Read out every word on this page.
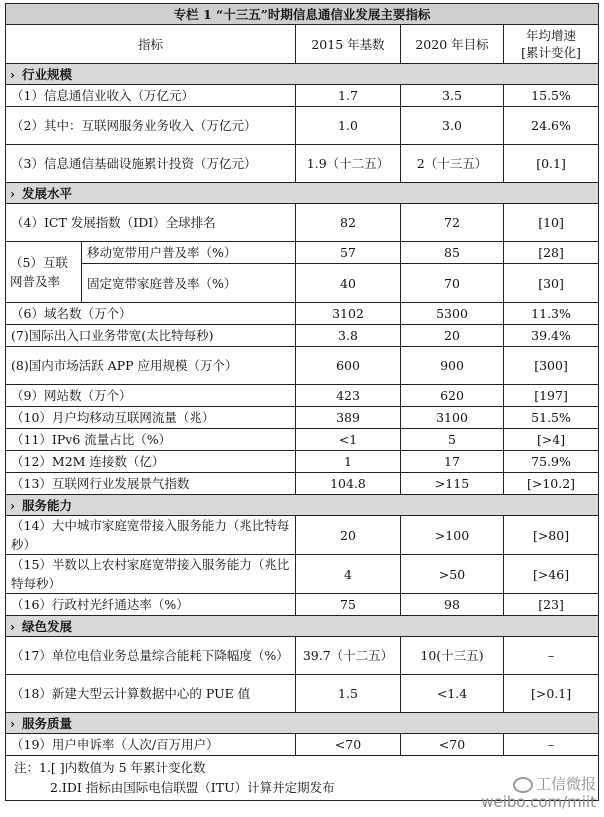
专栏 1 “十三五”时期信息通信业发展主要指标				
指标		2015 年基数	2020 年目标	年均增速
[累计变化]
› 行业规模				
（1）信息通信业收入（万亿元）		1.7	3.5	15.5%
（2）其中：互联网服务业务收入（万亿元）		1.0	3.0	24.6%
（3）信息通信基础设施累计投资（万亿元）		1.9（十二五）	2（十三五）	[0.1]
› 发展水平				
（4）ICT 发展指数（IDI）全球排名		82	72	[10]
（5）互联网普及率	移动宽带用户普及率（%）	57	85	[28]
	固定宽带家庭普及率（%）	40	70	[30]
（6）域名数（万个）		3102	5300	11.3%
(7)国际出入口业务带宽(太比特每秒)		3.8	20	39.4%
(8)国内市场活跃 APP 应用规模（万个）		600	900	[300]
（9）网站数（万个）		423	620	[197]
（10）月户均移动互联网流量（兆）		389	3100	51.5%
（11）IPv6 流量占比（%）		<1	5	[>4]
（12）M2M 连接数（亿）		1	17	75.9%
（13）互联网行业发展景气指数		104.8	>115	[>10.2]
› 服务能力				
（14）大中城市家庭宽带接入服务能力（兆比特每秒）		20	>100	[>80]
（15）半数以上农村家庭宽带接入服务能力（兆比特每秒）		4	>50	[>46]
（16）行政村光纤通达率（%）		75	98	[23]
› 绿色发展				
（17）单位电信业务总量综合能耗下降幅度（%）		39.7（十二五）	10(十三五)	–
（18）新建大型云计算数据中心的 PUE 值		1.5	<1.4	[>0.1]
› 服务质量				
（19）用户申诉率（人次/百万用户）		<70	<70	–

注：1.[ ]内数值为 5 年累计变化数
2.IDI 指标由国际电信联盟（ITU）计算并定期发布					工信微报
weibo.com/miit
